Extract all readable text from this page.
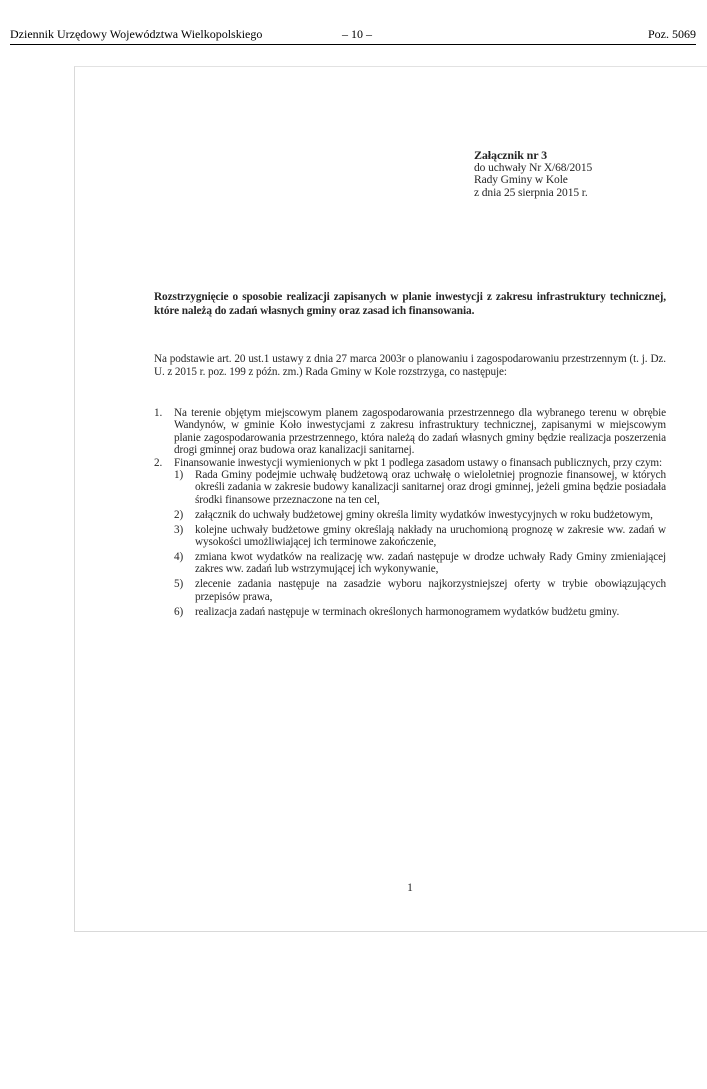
Dziennik Urzędowy Województwa Wielkopolskiego	– 10 –	Poz. 5069
Załącznik nr 3
do uchwały Nr X/68/2015
Rady Gminy w Kole
z dnia 25 sierpnia 2015 r.
Rozstrzygnięcie o sposobie realizacji zapisanych w planie inwestycji z zakresu infrastruktury technicznej, które należą do zadań własnych gminy oraz zasad ich finansowania.
Na podstawie art. 20 ust.1 ustawy z dnia 27 marca 2003r o planowaniu i zagospodarowaniu przestrzennym (t. j. Dz. U. z 2015 r. poz. 199 z późn. zm.) Rada Gminy w Kole rozstrzyga, co następuje:
1. Na terenie objętym miejscowym planem zagospodarowania przestrzennego dla wybranego terenu w obrębie Wandynów, w gminie Koło inwestycjami z zakresu infrastruktury technicznej, zapisanymi w miejscowym planie zagospodarowania przestrzennego, która należą do zadań własnych gminy będzie realizacja poszerzenia drogi gminnej oraz budowa oraz kanalizacji sanitarnej.
2. Finansowanie inwestycji wymienionych w pkt 1 podlega zasadom ustawy o finansach publicznych, przy czym:
1) Rada Gminy podejmie uchwałę budżetową oraz uchwałę o wieloletniej prognozie finansowej, w których określi zadania w zakresie budowy kanalizacji sanitarnej oraz drogi gminnej, jeżeli gmina będzie posiadała środki finansowe przeznaczone na ten cel,
2) załącznik do uchwały budżetowej gminy określa limity wydatków inwestycyjnych w roku budżetowym,
3) kolejne uchwały budżetowe gminy określają nakłady na uruchomioną prognozę w zakresie ww. zadań w wysokości umożliwiającej ich terminowe zakończenie,
4) zmiana kwot wydatków na realizację ww. zadań następuje w drodze uchwały Rady Gminy zmieniającej zakres ww. zadań lub wstrzymującej ich wykonywanie,
5) zlecenie zadania następuje na zasadzie wyboru najkorzystniejszej oferty w trybie obowiązujących przepisów prawa,
6) realizacja zadań następuje w terminach określonych harmonogramem wydatków budżetu gminy.
1
